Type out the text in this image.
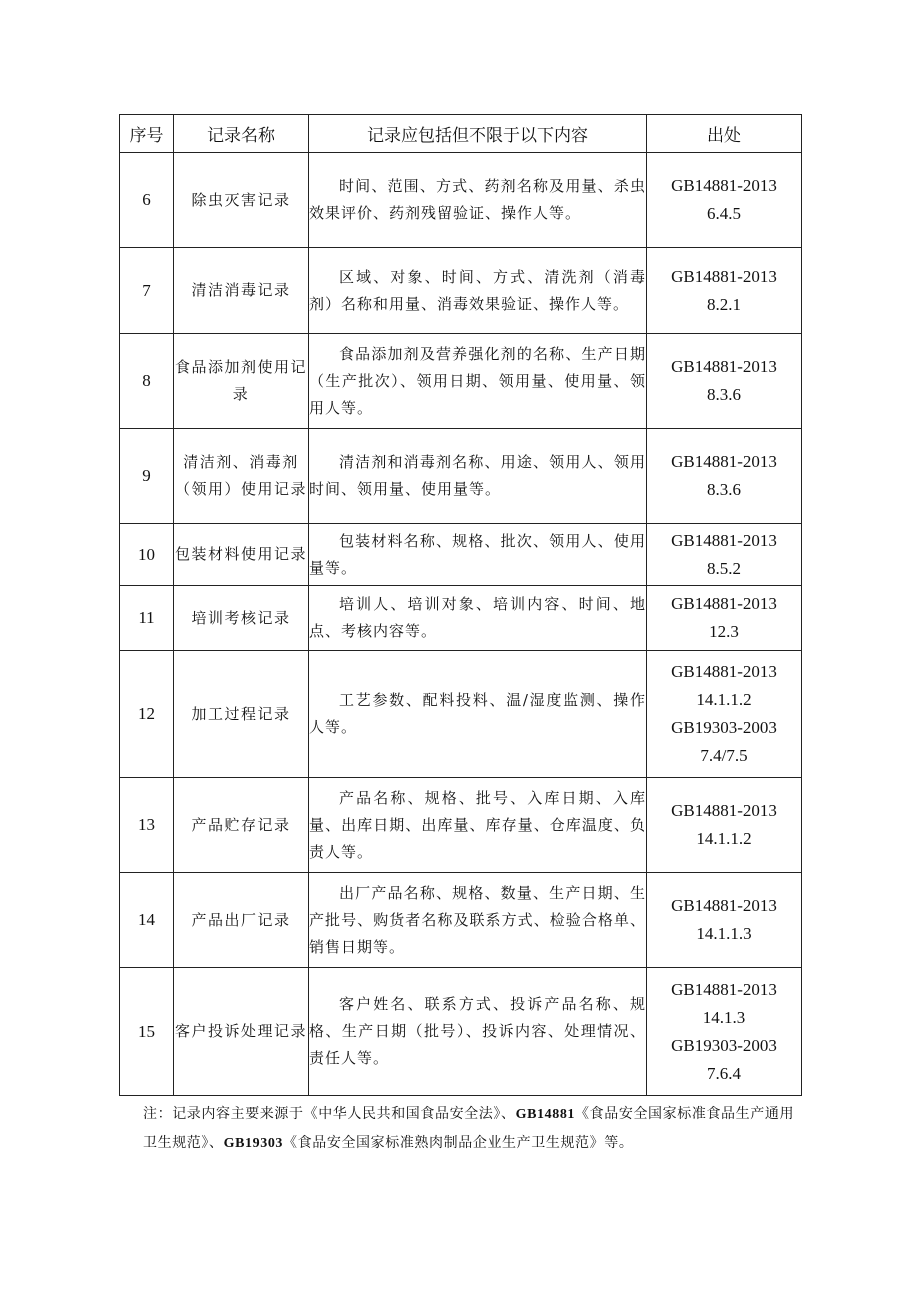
序号	记录名称	记录应包括但不限于以下内容	出处
6	除虫灭害记录	时间、范围、方式、药剂名称及用量、杀虫效果评价、药剂残留验证、操作人等。	GB14881-2013
6.4.5

7	清洁消毒记录	区域、对象、时间、方式、清洗剂（消毒剂）名称和用量、消毒效果验证、操作人等。	GB14881-2013
8.2.1

8	食品添加剂使用记录	食品添加剂及营养强化剂的名称、生产日期（生产批次）、领用日期、领用量、使用量、领用人等。	GB14881-2013
8.3.6

9	清洁剂、消毒剂（领用）使用记录	清洁剂和消毒剂名称、用途、领用人、领用时间、领用量、使用量等。	GB14881-2013
8.3.6

10	包装材料使用记录	包装材料名称、规格、批次、领用人、使用量等。	GB14881-2013
8.5.2

11	培训考核记录	培训人、培训对象、培训内容、时间、地点、考核内容等。	GB14881-2013
12.3

12	加工过程记录	工艺参数、配料投料、温/湿度监测、操作人等。	GB14881-2013
14.1.1.2
GB19303-2003
7.4/7.5

13	产品贮存记录	产品名称、规格、批号、入库日期、入库量、出库日期、出库量、库存量、仓库温度、负责人等。	GB14881-2013
14.1.1.2

14	产品出厂记录	出厂产品名称、规格、数量、生产日期、生产批号、购货者名称及联系方式、检验合格单、销售日期等。	GB14881-2013
14.1.1.3

15	客户投诉处理记录	客户姓名、联系方式、投诉产品名称、规格、生产日期（批号）、投诉内容、处理情况、责任人等。	GB14881-2013
14.1.3
GB19303-2003
7.6.4
注：记录内容主要来源于《中华人民共和国食品安全法》、GB14881《食品安全国家标准食品生产通用卫生规范》、GB19303《食品安全国家标准熟肉制品企业生产卫生规范》等。
